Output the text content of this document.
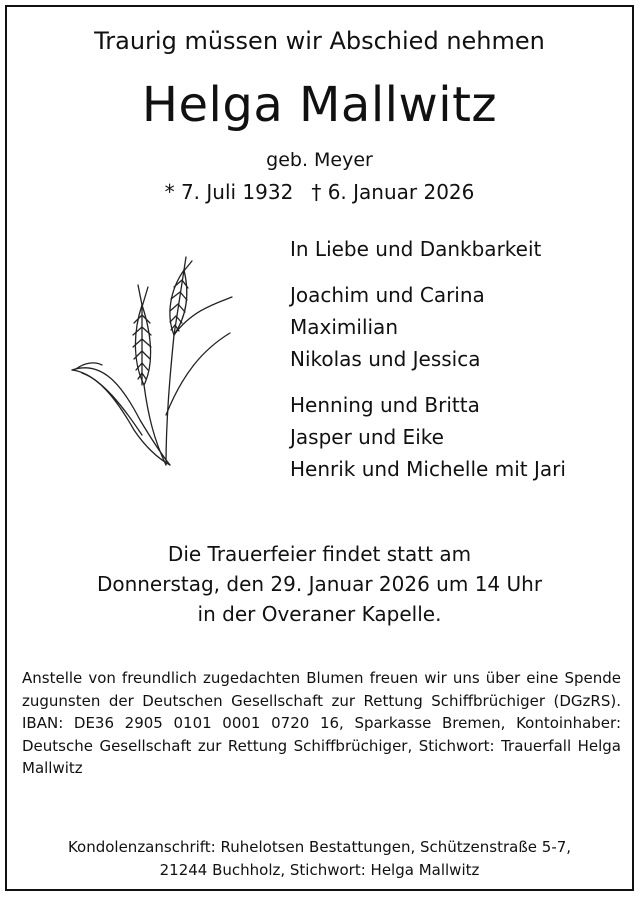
Traurig müssen wir Abschied nehmen
Helga Mallwitz
geb. Meyer
* 7. Juli 1932 † 6. Januar 2026
In Liebe und Dankbarkeit
Joachim und Carina
Maximilian
Nikolas und Jessica
Henning und Britta
Jasper und Eike
Henrik und Michelle mit Jari
Die Trauerfeier findet statt am
Donnerstag, den 29. Januar 2026 um 14 Uhr
in der Overaner Kapelle.
Anstelle von freundlich zugedachten Blumen freuen wir uns über eine Spende zugunsten der Deutschen Gesellschaft zur Rettung Schiffbrüchiger (DGzRS). IBAN: DE36 2905 0101 0001 0720 16, Sparkasse Bremen, Kontoinhaber: Deutsche Gesellschaft zur Rettung Schiffbrüchiger, Stichwort: Trauerfall Helga Mallwitz
Kondolenzanschrift: Ruhelotsen Bestattungen, Schützenstraße 5-7,
21244 Buchholz, Stichwort: Helga Mallwitz
